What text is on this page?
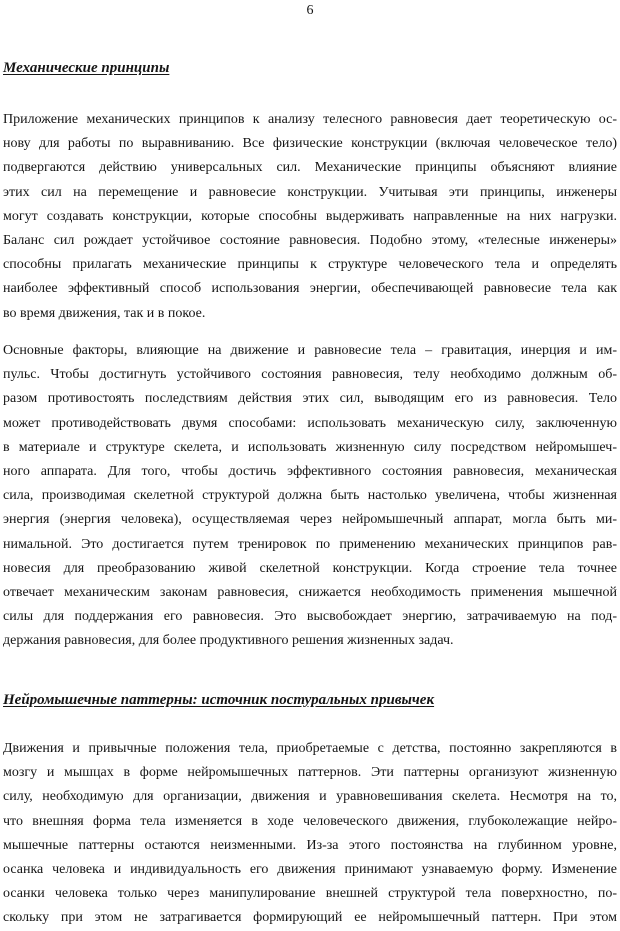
6
Механические принципы

Приложение механических принципов к анализу телесного равновесия дает теоретическую ос-
нову для работы по выравниванию. Все физические конструкции (включая человеческое тело)
подвергаются действию универсальных сил. Механические принципы объясняют влияние
этих сил на перемещение и равновесие конструкции. Учитывая эти принципы, инженеры
могут создавать конструкции, которые способны выдерживать направленные на них нагрузки.
Баланс сил рождает устойчивое состояние равновесия. Подобно этому, «телесные инженеры»
способны прилагать механические принципы к структуре человеческого тела и определять
наиболее эффективный способ использования энергии, обеспечивающей равновесие тела как
во время движения, так и в покое.

Основные факторы, влияющие на движение и равновесие тела – гравитация, инерция и им-
пульс. Чтобы достигнуть устойчивого состояния равновесия, телу необходимо должным об-
разом противостоять последствиям действия этих сил, выводящим его из равновесия. Тело
может противодействовать двумя способами: использовать механическую силу, заключенную
в материале и структуре скелета, и использовать жизненную силу посредством нейромышеч-
ного аппарата. Для того, чтобы достичь эффективного состояния равновесия, механическая
сила, производимая скелетной структурой должна быть настолько увеличена, чтобы жизненная
энергия (энергия человека), осуществляемая через нейромышечный аппарат, могла быть ми-
нимальной. Это достигается путем тренировок по применению механических принципов рав-
новесия для преобразованию живой скелетной конструкции. Когда строение тела точнее
отвечает механическим законам равновесия, снижается необходимость применения мышечной
силы для поддержания его равновесия. Это высвобождает энергию, затрачиваемую на под-
держания равновесия, для более продуктивного решения жизненных задач.

Нейромышечные паттерны: источник постуральных привычек

Движения и привычные положения тела, приобретаемые с детства, постоянно закрепляются в
мозгу и мышцах в форме нейромышечных паттернов. Эти паттерны организуют жизненную
силу, необходимую для организации, движения и уравновешивания скелета. Несмотря на то,
что внешняя форма тела изменяется в ходе человеческого движения, глубоколежащие нейро-
мышечные паттерны остаются неизменными. Из-за этого постоянства на глубинном уровне,
осанка человека и индивидуальность его движения принимают узнаваемую форму. Изменение
осанки человека только через манипулирование внешней структурой тела поверхностно, по-
скольку при этом не затрагивается формирующий ее нейромышечный паттерн. При этом
